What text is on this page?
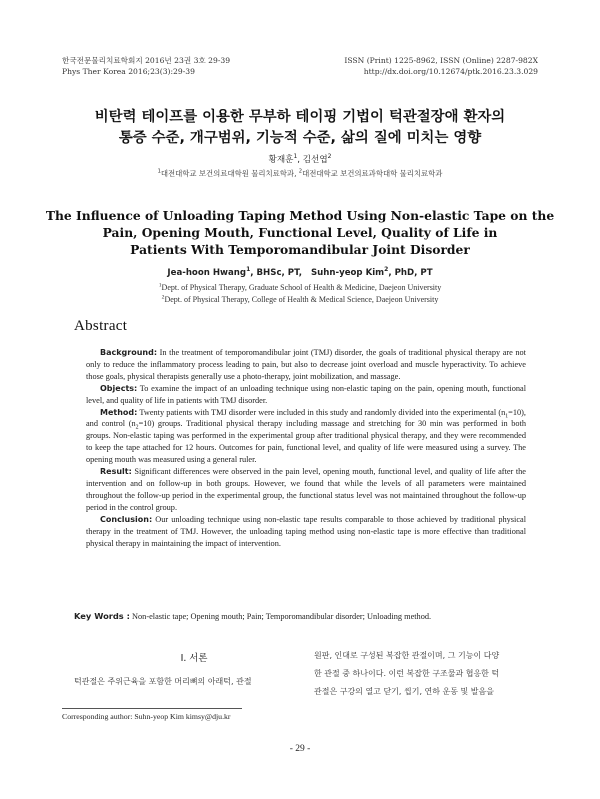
한국전문물리치료학회지 2016년 23권 3호 29-39
Phys Ther Korea 2016;23(3):29-39
ISSN (Print) 1225-8962, ISSN (Online) 2287-982X
http://dx.doi.org/10.12674/ptk.2016.23.3.029
비탄력 테이프를 이용한 무부하 테이핑 기법이 턱관절장애 환자의
통증 수준, 개구범위, 기능적 수준, 삶의 질에 미치는 영향
황재훈$^1$, 김선엽$^2$
$^1$대전대학교 보건의료대학원 물리치료학과, $^2$대전대학교 보건의료과학대학 물리치료학과
The Influence of Unloading Taping Method Using Non-elastic Tape on the
Pain, Opening Mouth, Functional Level, Quality of Life in
Patients With Temporomandibular Joint Disorder
Jea-hoon Hwang$^1$, BHSc, PT, Suhn-yeop Kim$^2$, PhD, PT
$^1$Dept. of Physical Therapy, Graduate School of Health & Medicine, Daejeon University
$^2$Dept. of Physical Therapy, College of Health & Medical Science, Daejeon University
Abstract

Background: In the treatment of temporomandibular joint (TMJ) disorder, the goals of traditional physical therapy are not only to reduce the inflammatory process leading to pain, but also to decrease joint overload and muscle hyperactivity. To achieve those goals, physical therapists generally use a photo-therapy, joint mobilization, and massage.

Objects: To examine the impact of an unloading technique using non-elastic taping on the pain, opening mouth, functional level, and quality of life in patients with TMJ disorder.

Method: Twenty patients with TMJ disorder were included in this study and randomly divided into the experimental $(n_1=10)$, and control $(n_2=10)$ groups. Traditional physical therapy including massage and stretching for 30 min was performed in both groups. Non-elastic taping was performed in the experimental group after traditional physical therapy, and they were recommended to keep the tape attached for 12 hours. Outcomes for pain, functional level, and quality of life were measured using a survey. The opening mouth was measured using a general ruler.

Result: Significant differences were observed in the pain level, opening mouth, functional level, and quality of life after the intervention and on follow-up in both groups. However, we found that while the levels of all parameters were maintained throughout the follow-up period in the experimental group, the functional status level was not maintained throughout the follow-up period in the control group.

Conclusion: Our unloading technique using non-elastic tape results comparable to those achieved by traditional physical therapy in the treatment of TMJ. However, the unloading taping method using non-elastic tape is more effective than traditional physical therapy in maintaining the impact of intervention.

Key Words : Non-elastic tape; Opening mouth; Pain; Temporomandibular disorder; Unloading method.
Ⅰ. 서론

턱관절은 주위근육을 포함한 머리뼈의 아래턱, 관절

원판, 인대로 구성된 복잡한 관절이며, 그 기능이 다양

한 관절 중 하나이다. 이런 복잡한 구조물과 협응한 턱

관절은 구강의 열고 닫기, 씹기, 연하 운동 및 발음을

Corresponding author: Suhn-yeop Kim kimsy@dju.kr
- 29 -
